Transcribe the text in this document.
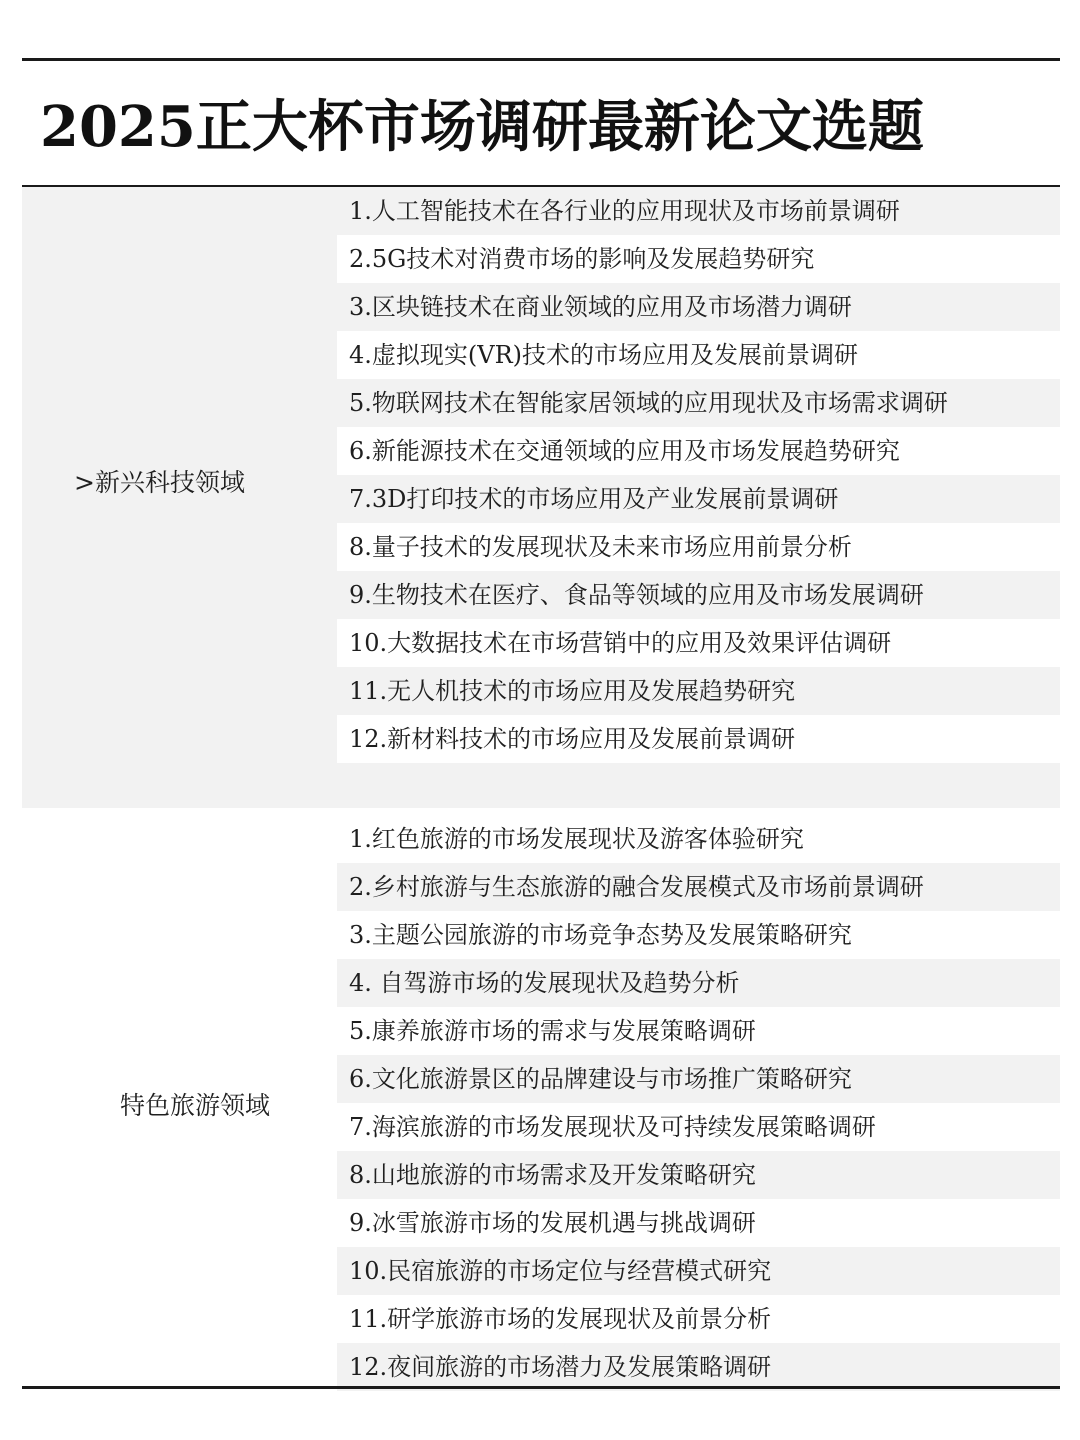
2025正大杯市场调研最新论文选题
>新兴科技领域
1.人工智能技术在各行业的应用现状及市场前景调研
2.5G技术对消费市场的影响及发展趋势研究
3.区块链技术在商业领域的应用及市场潜力调研
4.虚拟现实(VR)技术的市场应用及发展前景调研
5.物联网技术在智能家居领域的应用现状及市场需求调研
6.新能源技术在交通领域的应用及市场发展趋势研究
7.3D打印技术的市场应用及产业发展前景调研
8.量子技术的发展现状及未来市场应用前景分析
9.生物技术在医疗、食品等领域的应用及市场发展调研
10.大数据技术在市场营销中的应用及效果评估调研
11.无人机技术的市场应用及发展趋势研究
12.新材料技术的市场应用及发展前景调研
特色旅游领域
1.红色旅游的市场发展现状及游客体验研究
2.乡村旅游与生态旅游的融合发展模式及市场前景调研
3.主题公园旅游的市场竞争态势及发展策略研究
4. 自驾游市场的发展现状及趋势分析
5.康养旅游市场的需求与发展策略调研
6.文化旅游景区的品牌建设与市场推广策略研究
7.海滨旅游的市场发展现状及可持续发展策略调研
8.山地旅游的市场需求及开发策略研究
9.冰雪旅游市场的发展机遇与挑战调研
10.民宿旅游的市场定位与经营模式研究
11.研学旅游市场的发展现状及前景分析
12.夜间旅游的市场潜力及发展策略调研
